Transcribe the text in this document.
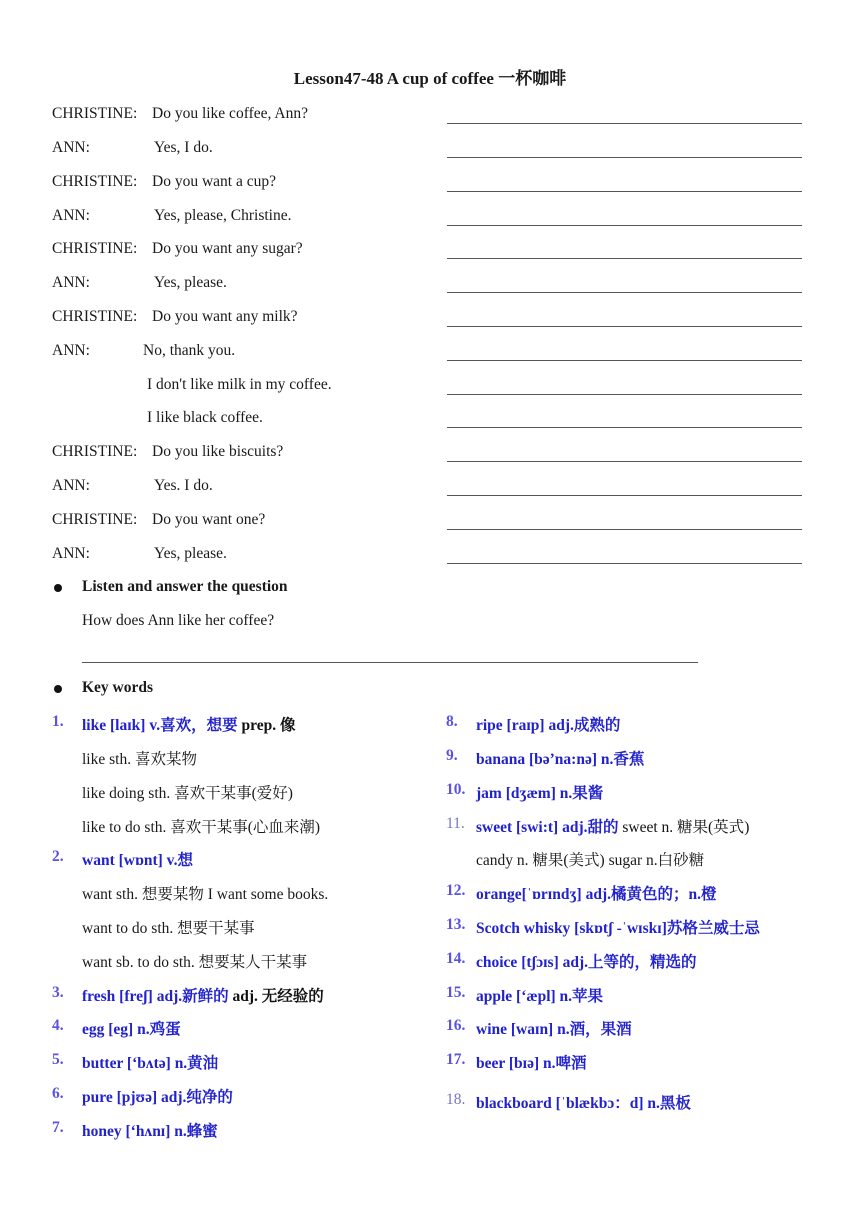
Lesson47-48 A cup of coffee 一杯咖啡
CHRISTINE: Do you like coffee, Ann?
ANN:	Yes, I do.
CHRISTINE: Do you want a cup?
ANN:	Yes, please, Christine.
CHRISTINE: Do you want any sugar?
ANN:	Yes, please.
CHRISTINE: Do you want any milk?
ANN:	No, thank you.
I don't like milk in my coffee.
I like black coffee.
CHRISTINE: Do you like biscuits?
ANN:	Yes. I do.
CHRISTINE: Do you want one?
ANN:	Yes, please.
Listen and answer the question
How does Ann like her coffee?
Key words
1. like [laɪk] v.喜欢，想要 prep. 像
like sth. 喜欢某物
like doing sth. 喜欢干某事(爱好)
like to do sth. 喜欢干某事(心血来潮)
2. want [wɒnt] v.想
want sth. 想要某物 I want some books.
want to do sth. 想要干某事
want sb. to do sth. 想要某人干某事
3. fresh [freʃ] adj.新鲜的 adj. 无经验的
4. egg [eg] n.鸡蛋
5. butter [‘bʌtə] n.黄油
6. pure [pjʊə] adj.纯净的
7. honey [‘hʌnɪ] n.蜂蜜
8. ripe [raɪp] adj.成熟的
9. banana [bə’na:nə] n.香蕉
10. jam [dʒæm] n.果酱
11. sweet [swi:t] adj.甜的 sweet n. 糖果(英式)
candy n. 糖果(美式) sugar n.白砂糖
12. orange[ˈɒrɪndʒ] adj.橘黄色的；n.橙
13. Scotch whisky [skɒtʃ -ˈwɪskɪ]苏格兰威士忌
14. choice [tʃɔɪs] adj.上等的，精选的
15. apple [‘æpl] n.苹果
16. wine [waɪn] n.酒，果酒
17. beer [bɪə] n.啤酒
18. blackboard [ˈblækbɔ：d] n.黑板
